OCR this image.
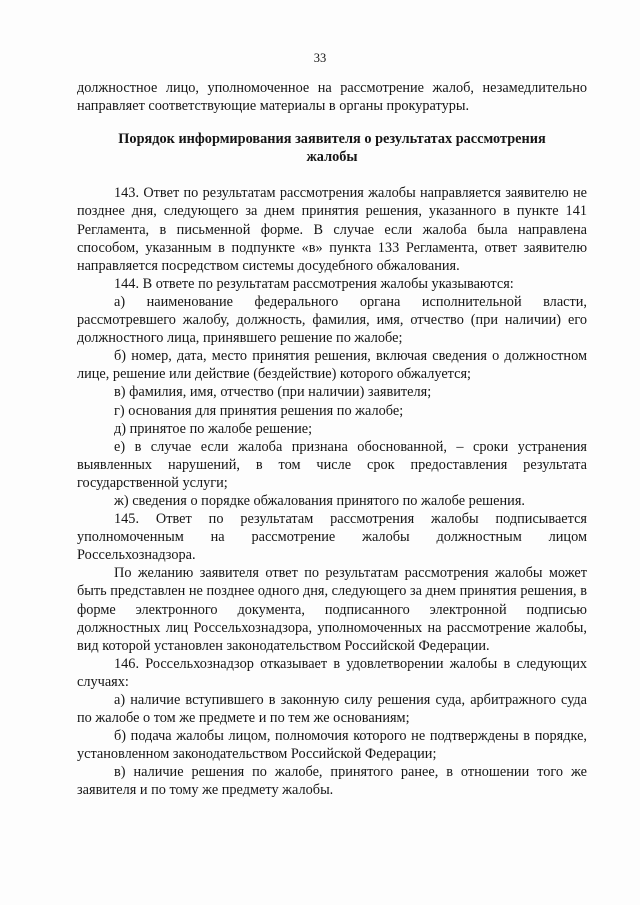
33

должностное лицо, уполномоченное на рассмотрение жалоб, незамедлительно направляет соответствующие материалы в органы прокуратуры.

Порядок информирования заявителя о результатах рассмотрения

жалобы

143. Ответ по результатам рассмотрения жалобы направляется заявителю не позднее дня, следующего за днем принятия решения, указанного в пункте 141 Регламента, в письменной форме. В случае если жалоба была направлена способом, указанным в подпункте «в» пункта 133 Регламента, ответ заявителю направляется посредством системы досудебного обжалования.

144. В ответе по результатам рассмотрения жалобы указываются:

а) наименование федерального органа исполнительной власти, рассмотревшего жалобу, должность, фамилия, имя, отчество (при наличии) его должностного лица, принявшего решение по жалобе;

б) номер, дата, место принятия решения, включая сведения о должностном лице, решение или действие (бездействие) которого обжалуется;

в) фамилия, имя, отчество (при наличии) заявителя;

г) основания для принятия решения по жалобе;

д) принятое по жалобе решение;

е) в случае если жалоба признана обоснованной, – сроки устранения выявленных нарушений, в том числе срок предоставления результата государственной услуги;

ж) сведения о порядке обжалования принятого по жалобе решения.

145. Ответ по результатам рассмотрения жалобы подписывается уполномоченным на рассмотрение жалобы должностным лицом Россельхознадзора.

По желанию заявителя ответ по результатам рассмотрения жалобы может быть представлен не позднее одного дня, следующего за днем принятия решения, в форме электронного документа, подписанного электронной подписью должностных лиц Россельхознадзора, уполномоченных на рассмотрение жалобы, вид которой установлен законодательством Российской Федерации.

146. Россельхознадзор отказывает в удовлетворении жалобы в следующих случаях:

а) наличие вступившего в законную силу решения суда, арбитражного суда по жалобе о том же предмете и по тем же основаниям;

б) подача жалобы лицом, полномочия которого не подтверждены в порядке, установленном законодательством Российской Федерации;

в) наличие решения по жалобе, принятого ранее, в отношении того же заявителя и по тому же предмету жалобы.
